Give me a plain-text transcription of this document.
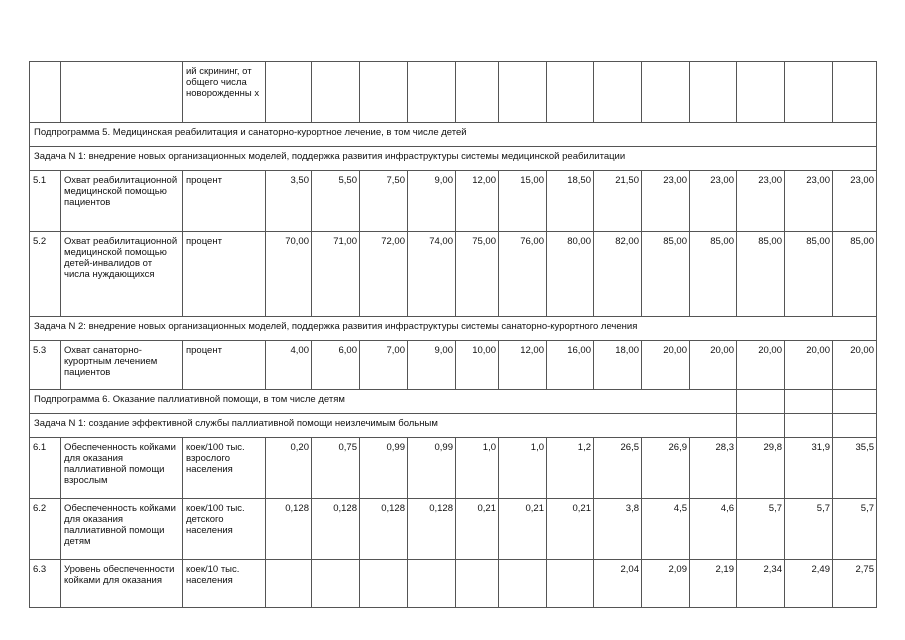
		ий скрининг, от общего числа новорожденны х													
Подпрограмма 5. Медицинская реабилитация и санаторно-курортное лечение, в том числе детей															
Задача N 1: внедрение новых организационных моделей, поддержка развития инфраструктуры системы медицинской реабилитации															
5.1	Охват реабилитационной медицинской помощью пациентов	процент	3,50	5,50	7,50	9,00	12,00	15,00	18,50	21,50	23,00	23,00	23,00	23,00	23,00
5.2	Охват реабилитационной медицинской помощью детей-инвалидов от числа нуждающихся	процент	70,00	71,00	72,00	74,00	75,00	76,00	80,00	82,00	85,00	85,00	85,00	85,00	85,00
Задача N 2: внедрение новых организационных моделей, поддержка развития инфраструктуры системы санаторно-курортного лечения															
5.3	Охват санаторно-курортным лечением пациентов	процент	4,00	6,00	7,00	9,00	10,00	12,00	16,00	18,00	20,00	20,00	20,00	20,00	20,00
Подпрограмма 6. Оказание паллиативной помощи, в том числе детям															
Задача N 1: создание эффективной службы паллиативной помощи неизлечимым больным															
6.1	Обеспеченность койками для оказания паллиативной помощи взрослым	коек/100 тыс. взрослого населения	0,20	0,75	0,99	0,99	1,0	1,0	1,2	26,5	26,9	28,3	29,8	31,9	35,5
6.2	Обеспеченность койками для оказания паллиативной помощи детям	коек/100 тыс. детского населения	0,128	0,128	0,128	0,128	0,21	0,21	0,21	3,8	4,5	4,6	5,7	5,7	5,7
6.3	Уровень обеспеченности койками для оказания	коек/10 тыс. населения								2,04	2,09	2,19	2,34	2,49	2,75
